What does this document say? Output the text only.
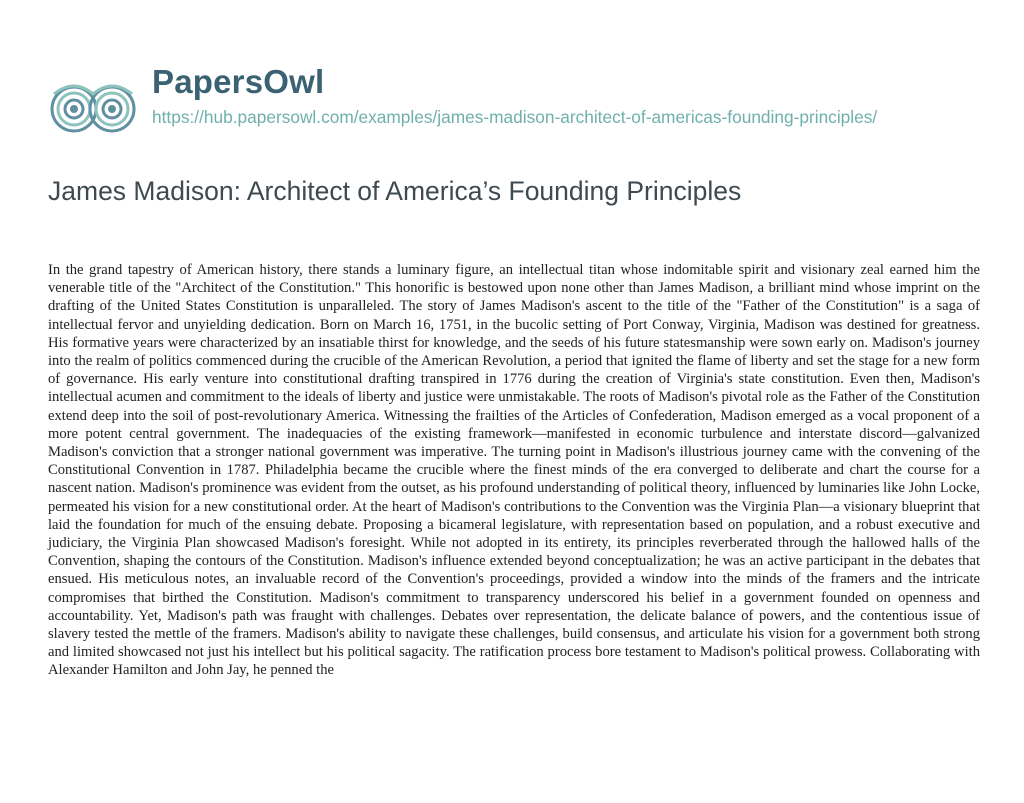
PapersOwl
https://hub.papersowl.com/examples/james-madison-architect-of-americas-founding-principles/
James Madison: Architect of America’s Founding Principles

In the grand tapestry of American history, there stands a luminary figure, an intellectual titan whose indomitable spirit and visionary zeal earned him the venerable title of the "Architect of the Constitution." This honorific is bestowed upon none other than James Madison, a brilliant mind whose imprint on the drafting of the United States Constitution is unparalleled. The story of James Madison's ascent to the title of the "Father of the Constitution" is a saga of intellectual fervor and unyielding dedication. Born on March 16, 1751, in the bucolic setting of Port Conway, Virginia, Madison was destined for greatness. His formative years were characterized by an insatiable thirst for knowledge, and the seeds of his future statesmanship were sown early on. Madison's journey into the realm of politics commenced during the crucible of the American Revolution, a period that ignited the flame of liberty and set the stage for a new form of governance. His early venture into constitutional drafting transpired in 1776 during the creation of Virginia's state constitution. Even then, Madison's intellectual acumen and commitment to the ideals of liberty and justice were unmistakable. The roots of Madison's pivotal role as the Father of the Constitution extend deep into the soil of post-revolutionary America. Witnessing the frailties of the Articles of Confederation, Madison emerged as a vocal proponent of a more potent central government. The inadequacies of the existing framework—manifested in economic turbulence and interstate discord—galvanized Madison's conviction that a stronger national government was imperative. The turning point in Madison's illustrious journey came with the convening of the Constitutional Convention in 1787. Philadelphia became the crucible where the finest minds of the era converged to deliberate and chart the course for a nascent nation. Madison's prominence was evident from the outset, as his profound understanding of political theory, influenced by luminaries like John Locke, permeated his vision for a new constitutional order. At the heart of Madison's contributions to the Convention was the Virginia Plan—a visionary blueprint that laid the foundation for much of the ensuing debate. Proposing a bicameral legislature, with representation based on population, and a robust executive and judiciary, the Virginia Plan showcased Madison's foresight. While not adopted in its entirety, its principles reverberated through the hallowed halls of the Convention, shaping the contours of the Constitution. Madison's influence extended beyond conceptualization; he was an active participant in the debates that ensued. His meticulous notes, an invaluable record of the Convention's proceedings, provided a window into the minds of the framers and the intricate compromises that birthed the Constitution. Madison's commitment to transparency underscored his belief in a government founded on openness and accountability. Yet, Madison's path was fraught with challenges. Debates over representation, the delicate balance of powers, and the contentious issue of slavery tested the mettle of the framers. Madison's ability to navigate these challenges, build consensus, and articulate his vision for a government both strong and limited showcased not just his intellect but his political sagacity. The ratification process bore testament to Madison's political prowess. Collaborating with Alexander Hamilton and John Jay, he penned the
